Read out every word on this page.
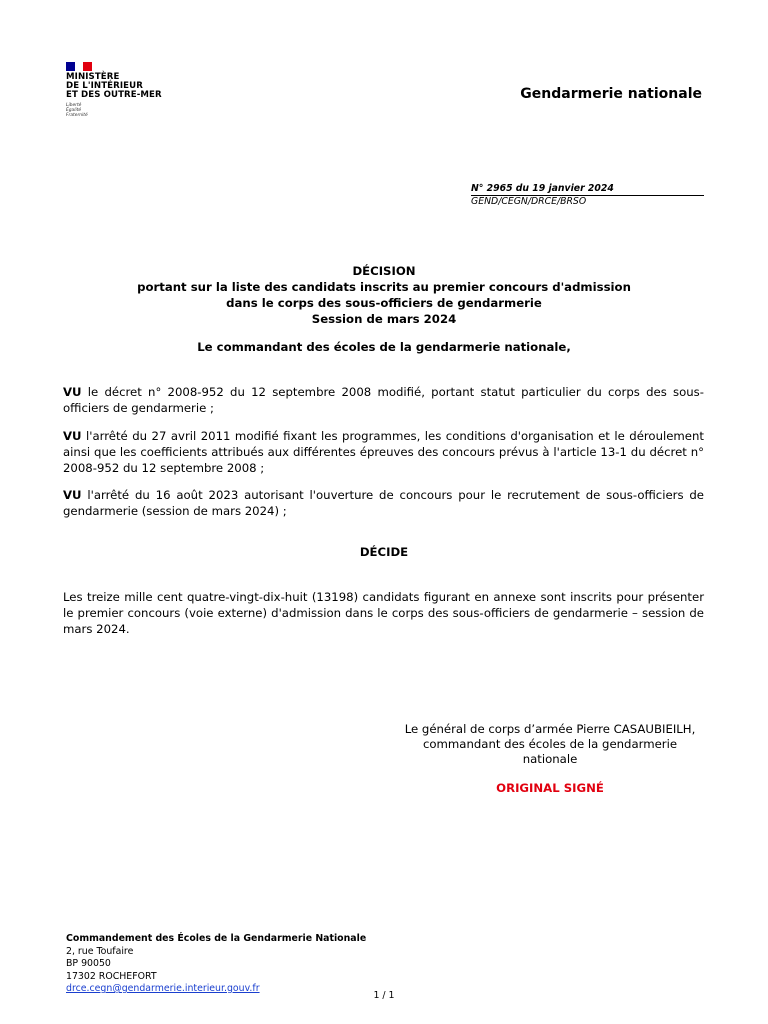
MINISTÈRE
DE L'INTÉRIEUR
ET DES OUTRE-MER
Liberté
Égalité
Fraternité
Gendarmerie nationale
N° 2965 du 19 janvier 2024
GEND/CEGN/DRCE/BRSO
DÉCISION
portant sur la liste des candidats inscrits au premier concours d'admission
dans le corps des sous-officiers de gendarmerie
Session de mars 2024
Le commandant des écoles de la gendarmerie nationale,
VU le décret n° 2008-952 du 12 septembre 2008 modifié, portant statut particulier du corps des sous-officiers de gendarmerie ;
VU l'arrêté du 27 avril 2011 modifié fixant les programmes, les conditions d'organisation et le déroulement ainsi que les coefficients attribués aux différentes épreuves des concours prévus à l'article 13-1 du décret n° 2008-952 du 12 septembre 2008 ;
VU l'arrêté du 16 août 2023 autorisant l'ouverture de concours pour le recrutement de sous-officiers de gendarmerie (session de mars 2024) ;
DÉCIDE
Les treize mille cent quatre-vingt-dix-huit (13198) candidats figurant en annexe sont inscrits pour présenter le premier concours (voie externe) d'admission dans le corps des sous-officiers de gendarmerie – session de mars 2024.
Le général de corps d’armée Pierre CASAUBIEILH,
commandant des écoles de la gendarmerie
nationale
ORIGINAL SIGNÉ
Commandement des Écoles de la Gendarmerie Nationale
2, rue Toufaire
BP 90050
17302 ROCHEFORT
drce.cegn@gendarmerie.interieur.gouv.fr
1 / 1
